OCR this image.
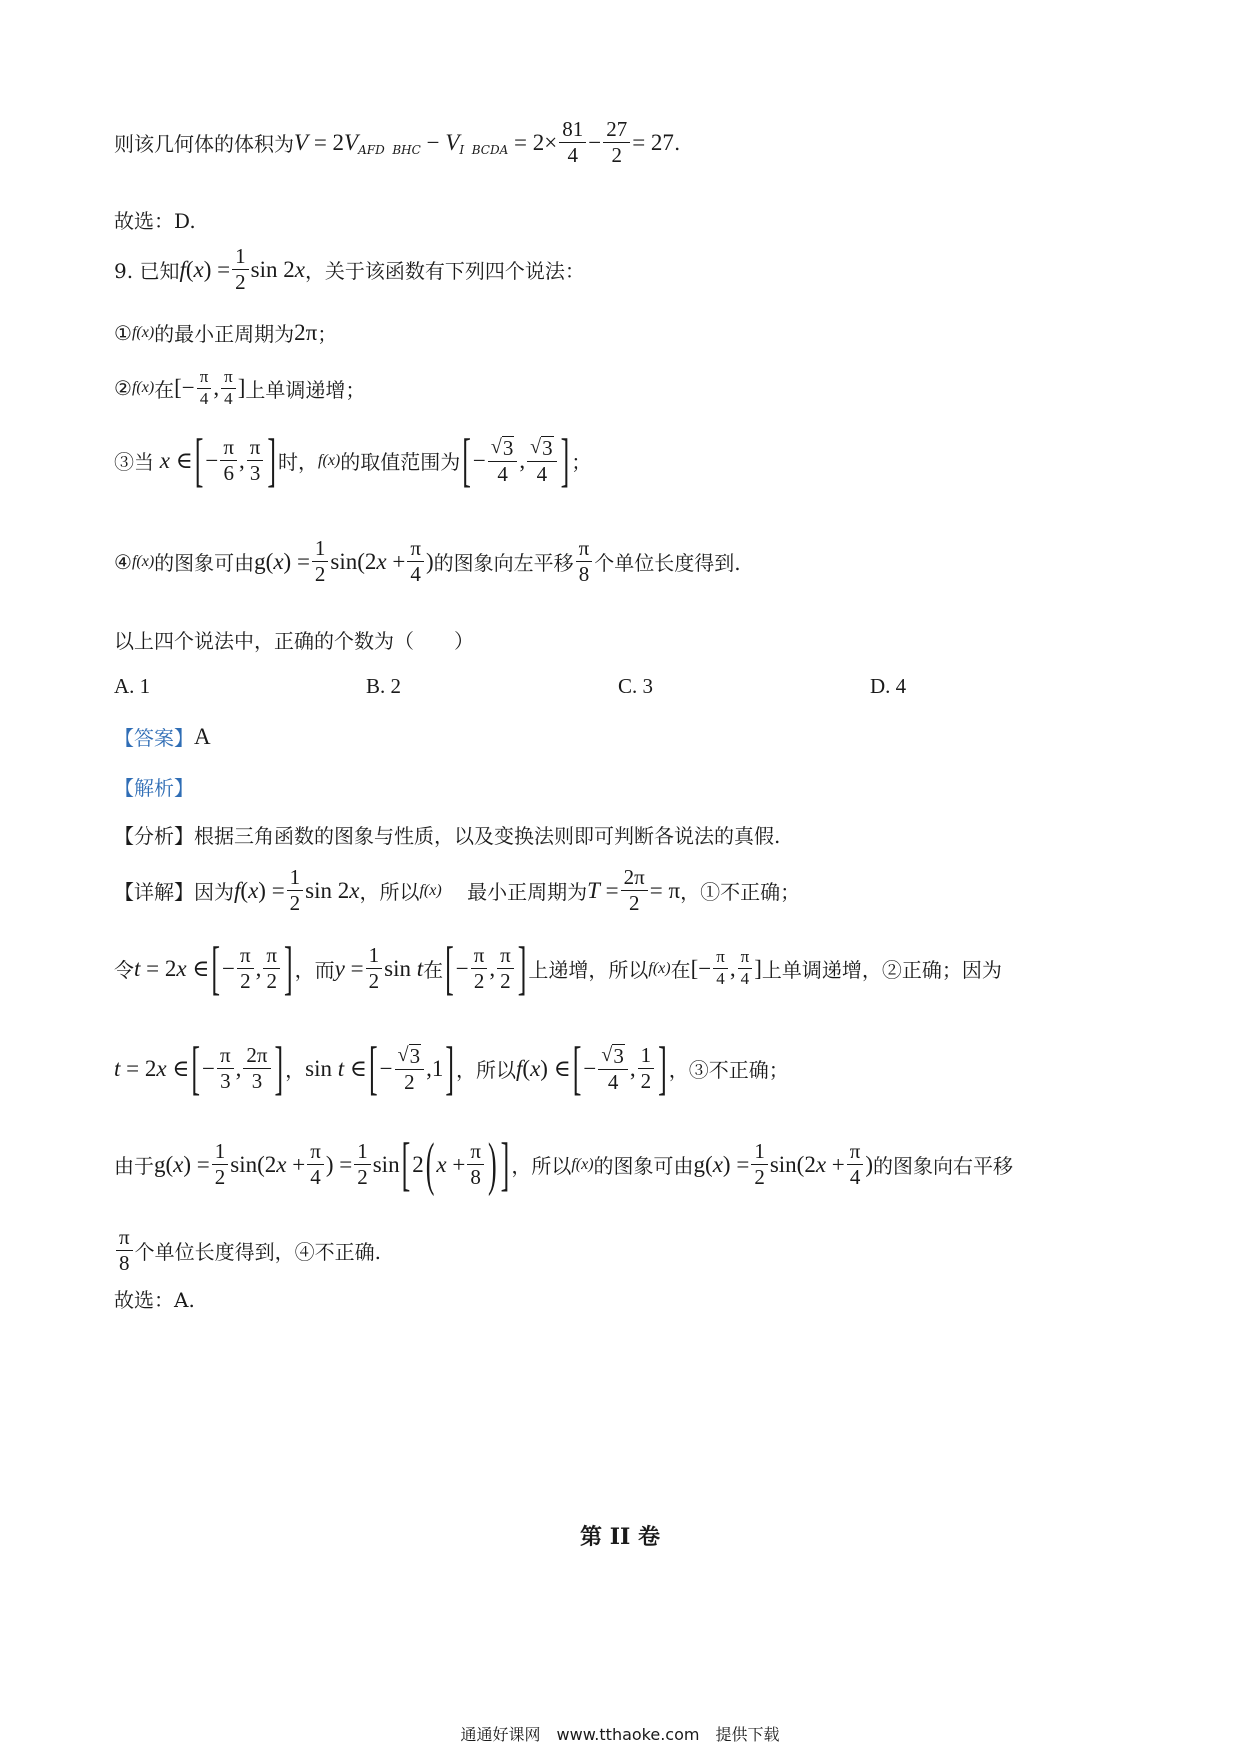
则该几何体的体积为 V = 2V AFD  BHC − V I  BCDA = $2\times \frac{81}{4} - \frac{27}{2} = 27$ .
故选：D.
9. 已知 $f(x) = \frac{1}{2}$ sin 2x ，关于该函数有下列四个说法：
① f(x) 的最小正周期为 2π ；
② f(x) 在 [− $\frac{\pi}{4}$ , $\frac{\pi}{4}$ ] 上单调递增；
③当 x ∈ [ − $\frac{\pi}{6}$ , $\frac{\pi}{3}$ ] 时， f(x) 的取值范围为 [ − $\frac{√ 3}{4}$ , $\frac{√ 3}{4}$ ] ；
④ f(x) 的图象可由 $g(x) = \frac{1}{2} \sin(2x + \frac{\pi}{4}$ ) 的图象向左平移 $\frac{\pi}{8}$ 个单位长度得到.
以上四个说法中，正确的个数为（　　）
A. 1	B. 2	C. 3	D. 4
【答案】 A
【解析】
【分析】根据三角函数的图象与性质，以及变换法则即可判断各说法的真假.
【详解】因为 $f(x) = \frac{1}{2}$ sin 2x ，所以 f(x)
最小正周期为 $T = \frac{2\pi}{2} = \pi$ ，①不正确；
令 t = 2x ∈ [ − $\frac{\pi}{2}$ , $\frac{\pi}{2}$ ] ，而 $y = \frac{1}{2}$ sin t 在 [ − $\frac{\pi}{2}$ , $\frac{\pi}{2}$ ] 上递增，所以 f(x) 在 [− $\frac{\pi}{4}$ , $\frac{\pi}{4}$ ] 上单调递增，②正确；因为
t = 2x ∈ [ − $\frac{\pi}{3}$ , $\frac{2\pi}{3}$ ] ， sin t ∈ [ − $\frac{√ 3}{2} ,1$ ] ，所以 f(x) ∈ [ − $\frac{√ 3}{4}$ , $\frac{1}{2}$ ] ，③不正确；
由于 $g(x) = \frac{1}{2} \sin(2x + \frac{\pi}{4}$ ) = $\frac{1}{2}$ sin [ 2 ( $x + \frac{\pi}{8}$ ) ] ，所以 f(x) 的图象可由 $g(x) = \frac{1}{2} \sin(2x + \frac{\pi}{4}$ ) 的图象向右平移
$\frac{\pi}{8}$ 个单位长度得到，④不正确.
故选：A.
第 II 卷
通通好课网　www.tthaoke.com　提供下载
